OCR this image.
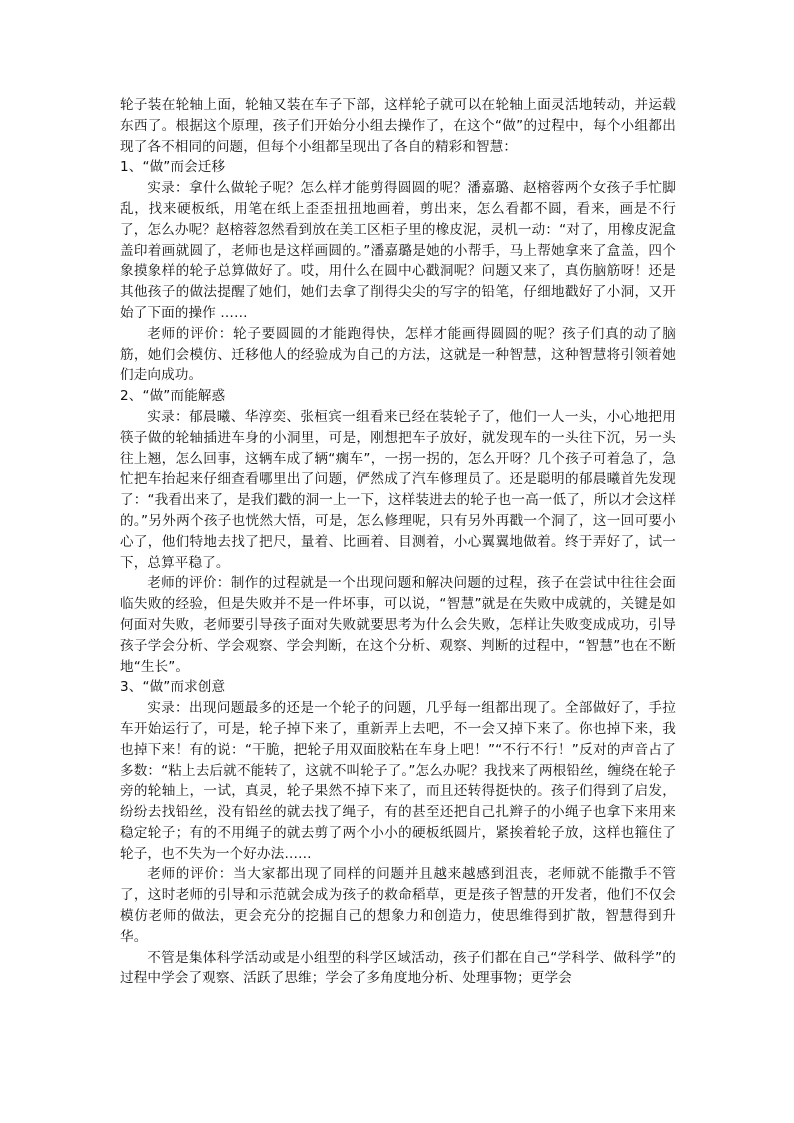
轮子装在轮轴上面，轮轴又装在车子下部，这样轮子就可以在轮轴上面灵活地转动，并运载东西了。根据这个原理，孩子们开始分小组去操作了，在这个“做”的过程中，每个小组都出现了各不相同的问题，但每个小组都呈现出了各自的精彩和智慧：

1、“做”而会迁移

实录：拿什么做轮子呢？怎么样才能剪得圆圆的呢？潘嘉璐、赵榕蓉两个女孩子手忙脚乱，找来硬板纸，用笔在纸上歪歪扭扭地画着，剪出来，怎么看都不圆，看来，画是不行了，怎么办呢？赵榕蓉忽然看到放在美工区柜子里的橡皮泥，灵机一动：“对了，用橡皮泥盒盖印着画就圆了，老师也是这样画圆的。”潘嘉璐是她的小帮手，马上帮她拿来了盒盖，四个象摸象样的轮子总算做好了。哎，用什么在圆中心戳洞呢？问题又来了，真伤脑筋呀！还是其他孩子的做法提醒了她们，她们去拿了削得尖尖的写字的铅笔，仔细地戳好了小洞，又开始了下面的操作 ……

老师的评价：轮子要圆圆的才能跑得快，怎样才能画得圆圆的呢？孩子们真的动了脑筋，她们会模仿、迁移他人的经验成为自己的方法，这就是一种智慧，这种智慧将引领着她们走向成功。

2、“做”而能解惑

实录：郁晨曦、华淳奕、张桓宾一组看来已经在装轮子了，他们一人一头，小心地把用筷子做的轮轴插进车身的小洞里，可是，刚想把车子放好，就发现车的一头往下沉，另一头往上翘，怎么回事，这辆车成了辆“瘸车”，一拐一拐的，怎么开呀？几个孩子可着急了，急忙把车抬起来仔细查看哪里出了问题，俨然成了汽车修理员了。还是聪明的郁晨曦首先发现了：“我看出来了，是我们戳的洞一上一下，这样装进去的轮子也一高一低了，所以才会这样的。”另外两个孩子也恍然大悟，可是，怎么修理呢，只有另外再戳一个洞了，这一回可要小心了，他们特地去找了把尺，量着、比画着、目测着，小心翼翼地做着。终于弄好了，试一下，总算平稳了。

老师的评价：制作的过程就是一个出现问题和解决问题的过程，孩子在尝试中往往会面临失败的经验，但是失败并不是一件坏事，可以说，“智慧”就是在失败中成就的，关键是如何面对失败，老师要引导孩子面对失败就要思考为什么会失败，怎样让失败变成成功，引导孩子学会分析、学会观察、学会判断，在这个分析、观察、判断的过程中，“智慧”也在不断地“生长”。

3、“做”而求创意

实录：出现问题最多的还是一个轮子的问题，几乎每一组都出现了。全部做好了，手拉车开始运行了，可是，轮子掉下来了，重新弄上去吧，不一会又掉下来了。你也掉下来，我也掉下来！有的说：“干脆，把轮子用双面胶粘在车身上吧！”“不行不行！”反对的声音占了多数：“粘上去后就不能转了，这就不叫轮子了。”怎么办呢？我找来了两根铅丝，缠绕在轮子旁的轮轴上，一试，真灵，轮子果然不掉下来了，而且还转得挺快的。孩子们得到了启发，纷纷去找铅丝，没有铅丝的就去找了绳子，有的甚至还把自己扎辫子的小绳子也拿下来用来稳定轮子；有的不用绳子的就去剪了两个小小的硬板纸圆片，紧挨着轮子放，这样也箍住了轮子，也不失为一个好办法……

老师的评价：当大家都出现了同样的问题并且越来越感到沮丧，老师就不能撒手不管了，这时老师的引导和示范就会成为孩子的救命稻草，更是孩子智慧的开发者，他们不仅会模仿老师的做法，更会充分的挖掘自己的想象力和创造力，使思维得到扩散，智慧得到升华。

不管是集体科学活动或是小组型的科学区域活动，孩子们都在自己“学科学、做科学”的过程中学会了观察、活跃了思维；学会了多角度地分析、处理事物；更学会
